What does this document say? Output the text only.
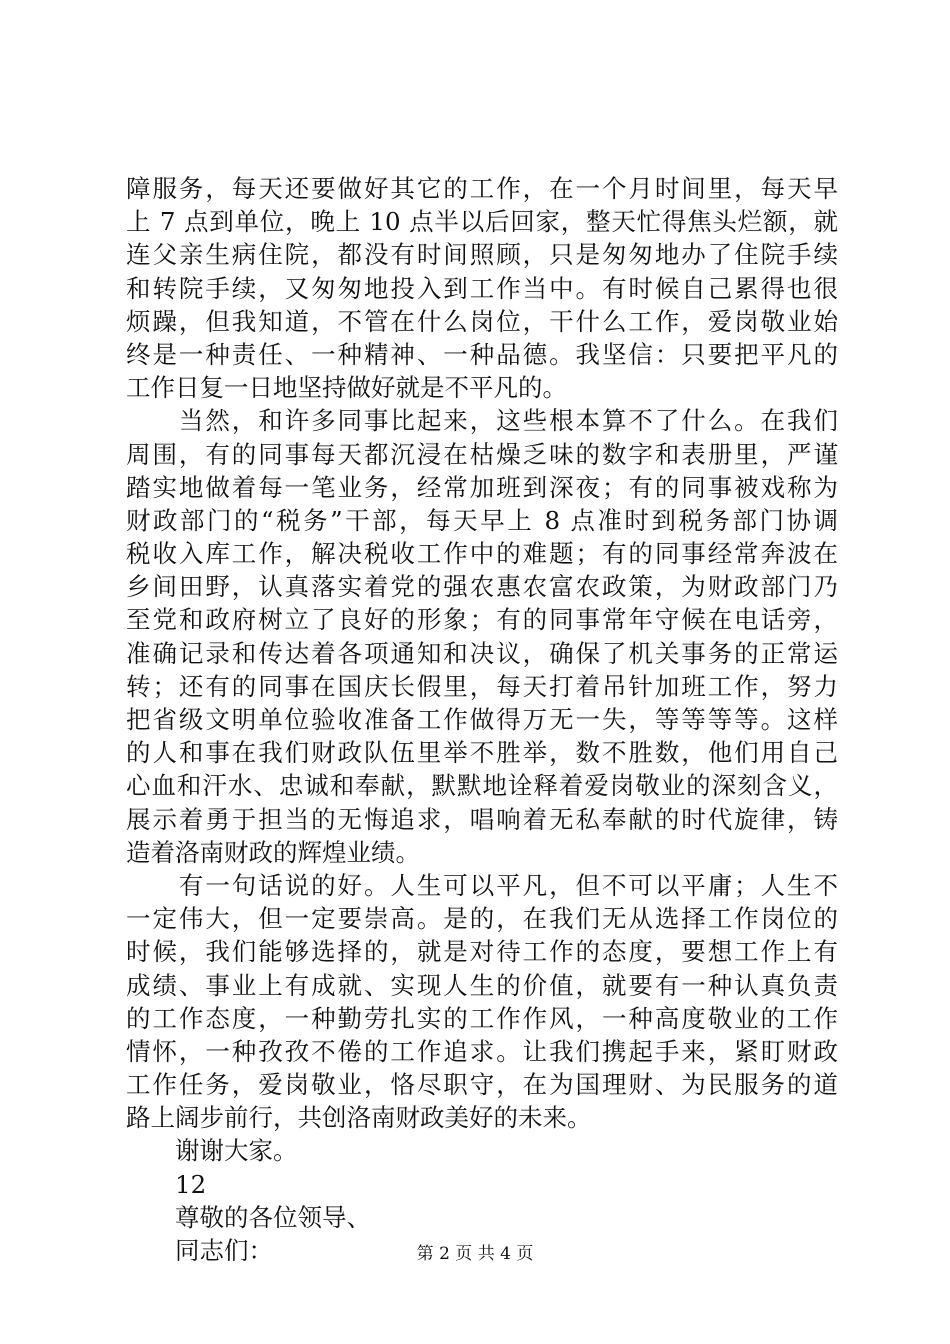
障服务，每天还要做好其它的工作，在一个月时间里，每天早
上 7 点到单位，晚上 10 点半以后回家，整天忙得焦头烂额，就
连父亲生病住院，都没有时间照顾，只是匆匆地办了住院手续
和转院手续，又匆匆地投入到工作当中。有时候自己累得也很
烦躁，但我知道，不管在什么岗位，干什么工作，爱岗敬业始
终是一种责任、一种精神、一种品德。我坚信：只要把平凡的
工作日复一日地坚持做好就是不平凡的。
　　当然，和许多同事比起来，这些根本算不了什么。在我们
周围，有的同事每天都沉浸在枯燥乏味的数字和表册里，严谨
踏实地做着每一笔业务，经常加班到深夜；有的同事被戏称为
财政部门的“税务”干部，每天早上 8 点准时到税务部门协调
税收入库工作，解决税收工作中的难题；有的同事经常奔波在
乡间田野，认真落实着党的强农惠农富农政策，为财政部门乃
至党和政府树立了良好的形象；有的同事常年守候在电话旁，
准确记录和传达着各项通知和决议，确保了机关事务的正常运
转；还有的同事在国庆长假里，每天打着吊针加班工作，努力
把省级文明单位验收准备工作做得万无一失，等等等等。这样
的人和事在我们财政队伍里举不胜举，数不胜数，他们用自己
心血和汗水、忠诚和奉献，默默地诠释着爱岗敬业的深刻含义，
展示着勇于担当的无悔追求，唱响着无私奉献的时代旋律，铸
造着洛南财政的辉煌业绩。
　　有一句话说的好。人生可以平凡，但不可以平庸；人生不
一定伟大，但一定要崇高。是的，在我们无从选择工作岗位的
时候，我们能够选择的，就是对待工作的态度，要想工作上有
成绩、事业上有成就、实现人生的价值，就要有一种认真负责
的工作态度，一种勤劳扎实的工作作风，一种高度敬业的工作
情怀，一种孜孜不倦的工作追求。让我们携起手来，紧盯财政
工作任务，爱岗敬业，恪尽职守，在为国理财、为民服务的道
路上阔步前行，共创洛南财政美好的未来。
谢谢大家。
12
尊敬的各位领导、
同志们：	第 2 页 共 4 页
